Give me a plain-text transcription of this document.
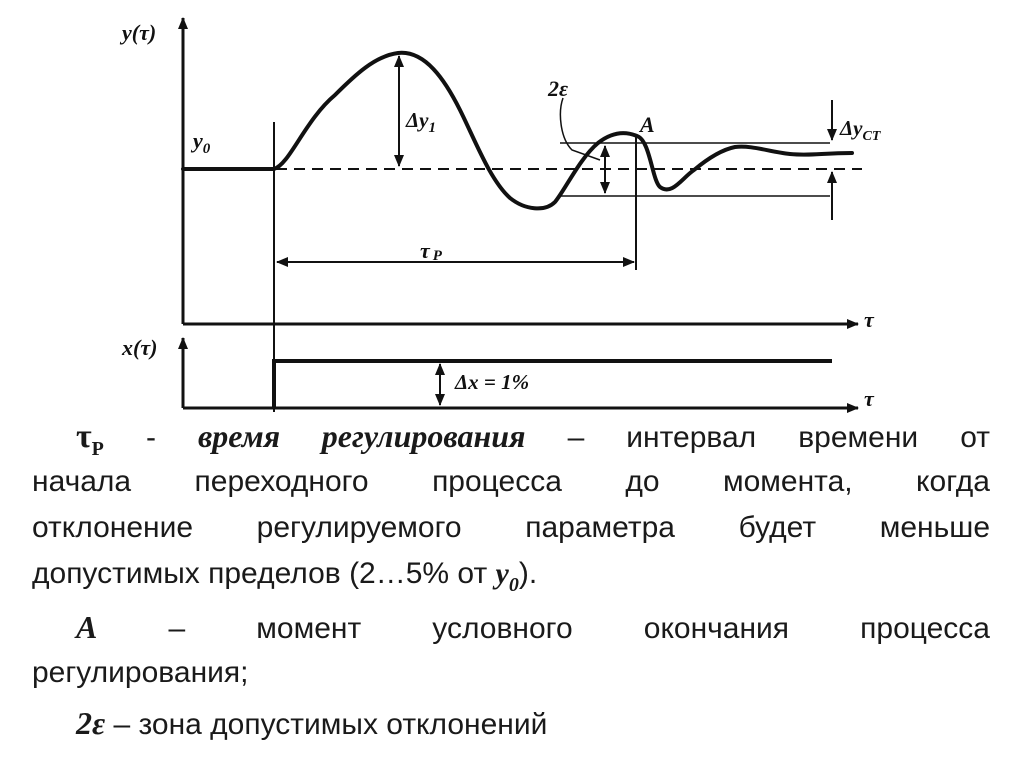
y(τ)
τ
$y_0$
$\Delta y_1$
2ε
A
τ P
$\Delta y_{CT}$
x(τ)
τ
Δx = 1%

$\tau_P$ - время регулирования – интервал времени от

начала переходного процесса до момента, когда

отклонение регулируемого параметра будет меньше

допустимых пределов (2…5% от $y_0$).

А – момент условного окончания процесса

регулирования;

2ε – зона допустимых отклонений
